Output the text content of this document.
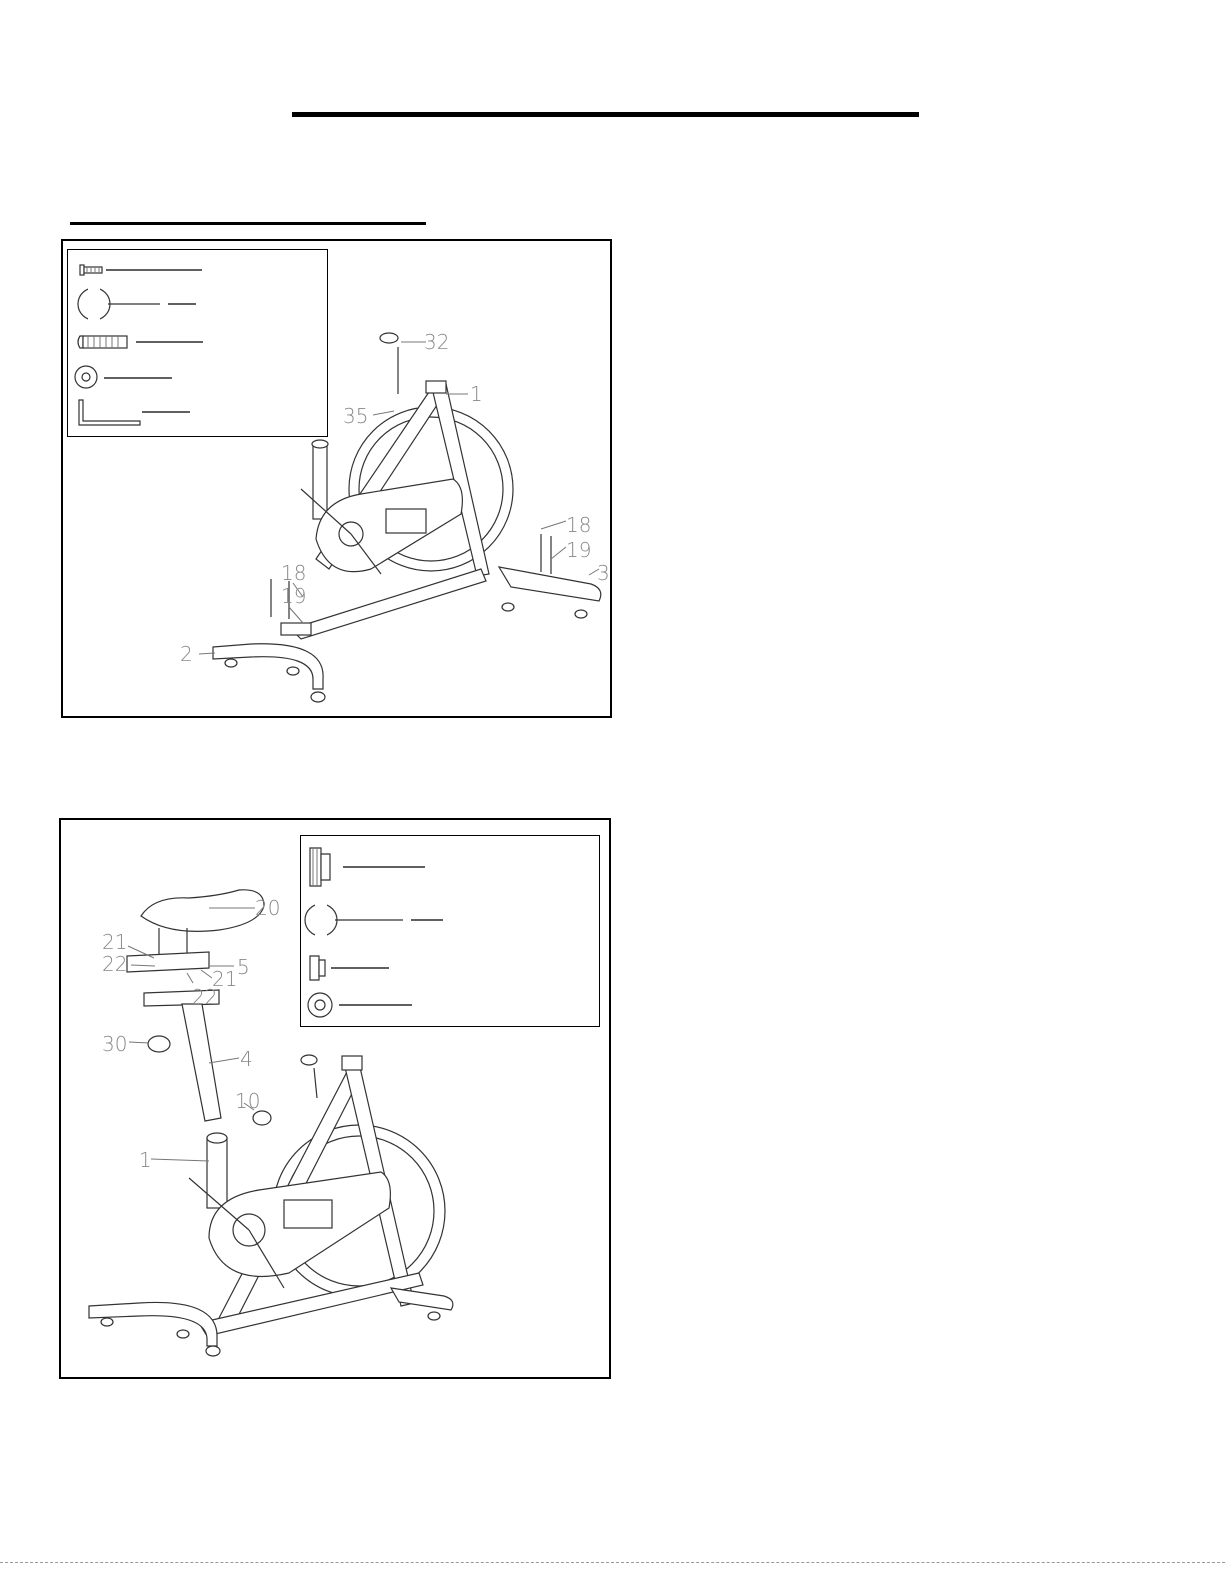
32
1
35
18
19
3
18
19
2
20
21
22	5
21
22
30
4
10
1
